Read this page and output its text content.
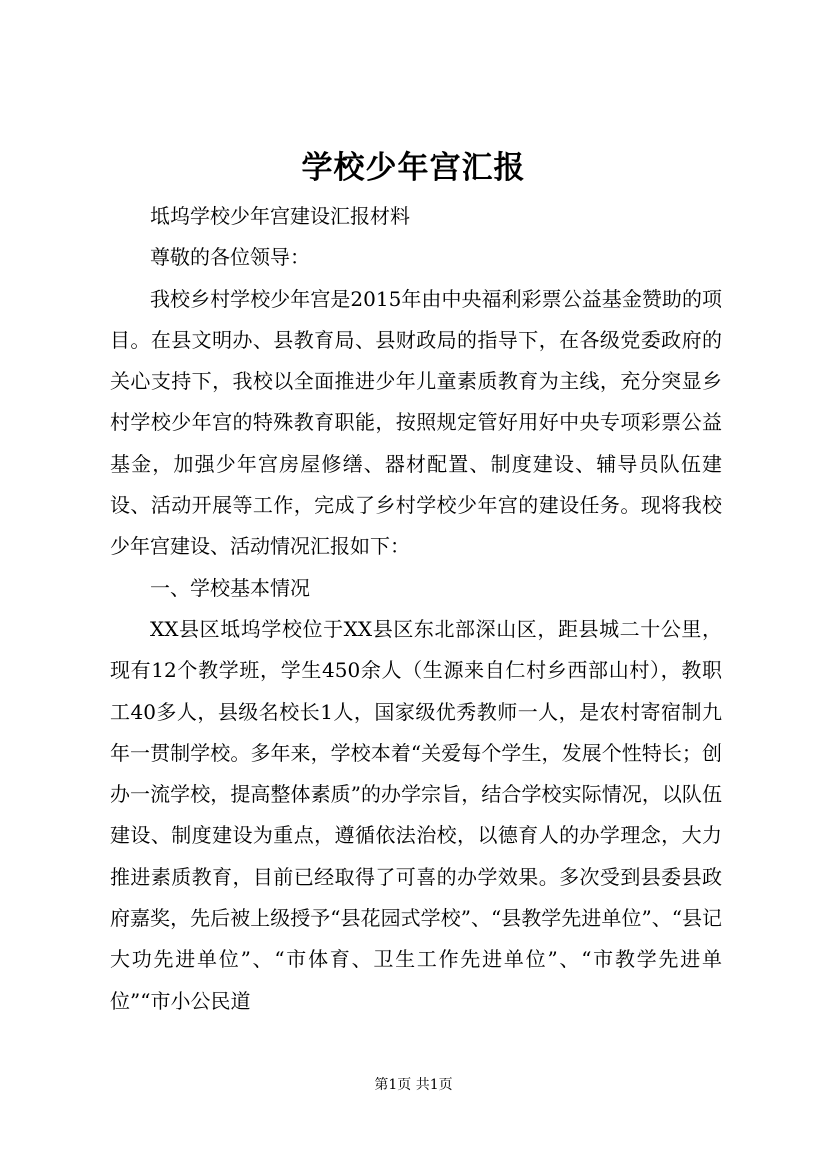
学校少年宫汇报

坻坞学校少年宫建设汇报材料

尊敬的各位领导：

我校乡村学校少年宫是2015年由中央福利彩票公益基金赞助的项目。在县文明办、县教育局、县财政局的指导下，在各级党委政府的关心支持下，我校以全面推进少年儿童素质教育为主线，充分突显乡村学校少年宫的特殊教育职能，按照规定管好用好中央专项彩票公益基金，加强少年宫房屋修缮、器材配置、制度建设、辅导员队伍建设、活动开展等工作，完成了乡村学校少年宫的建设任务。现将我校少年宫建设、活动情况汇报如下：

一、学校基本情况

XX县区坻坞学校位于XX县区东北部深山区，距县城二十公里，现有12个教学班，学生450余人（生源来自仁村乡西部山村），教职工40多人，县级名校长1人，国家级优秀教师一人，是农村寄宿制九年一贯制学校。多年来，学校本着“关爱每个学生，发展个性特长；创办一流学校，提高整体素质”的办学宗旨，结合学校实际情况，以队伍建设、制度建设为重点，遵循依法治校，以德育人的办学理念，大力推进素质教育，目前已经取得了可喜的办学效果。多次受到县委县政府嘉奖，先后被上级授予“县花园式学校”、“县教学先进单位”、“县记大功先进单位”、“市体育、卫生工作先进单位”、“市教学先进单位”“市小公民道

第1页 共1页
